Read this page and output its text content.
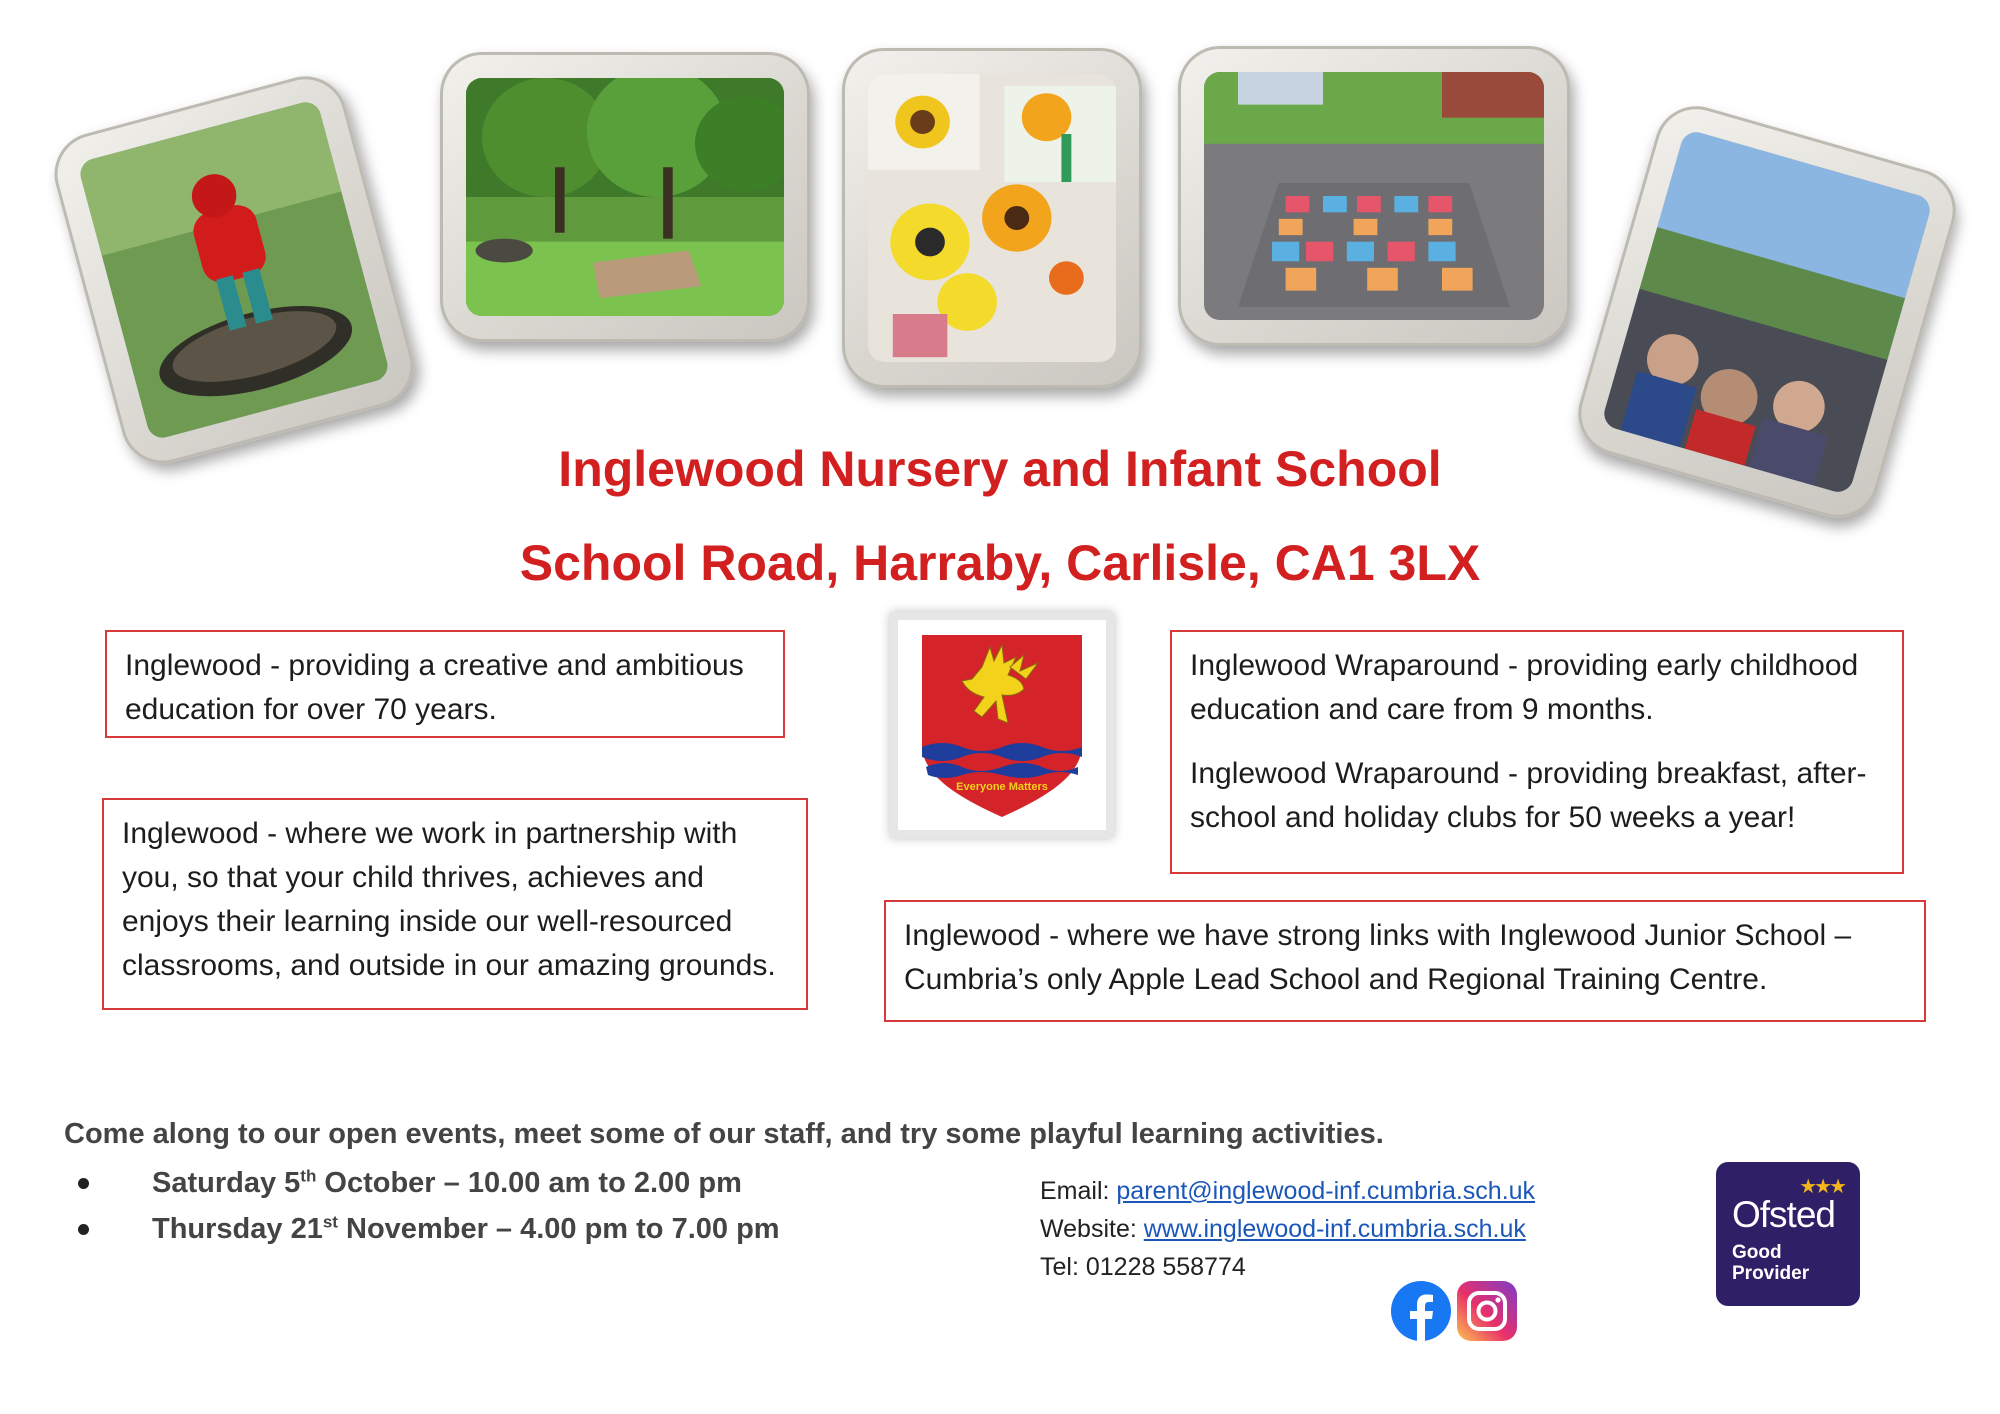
Inglewood Nursery and Infant School
School Road, Harraby, Carlisle, CA1 3LX

Inglewood - providing a creative and ambitious education for over 70 years.

Inglewood - where we work in partnership with you, so that your child thrives, achieves and enjoys their learning inside our well-resourced classrooms, and outside in our amazing grounds.

Everyone Matters

Inglewood Wraparound - providing early childhood education and care from 9 months.

Inglewood Wraparound - providing breakfast, after-school and holiday clubs for 50 weeks a year!

Inglewood - where we have strong links with Inglewood Junior School – Cumbria’s only Apple Lead School and Regional Training Centre.

Come along to our open events, meet some of our staff, and try some playful learning activities.
Saturday 5th October – 10.00 am to 2.00 pm
Thursday 21st November – 4.00 pm to 7.00 pm
Email: parent@inglewood-inf.cumbria.sch.uk
Website: www.inglewood-inf.cumbria.sch.uk
Tel: 01228 558774
★★★
Ofsted
Good
Provider
